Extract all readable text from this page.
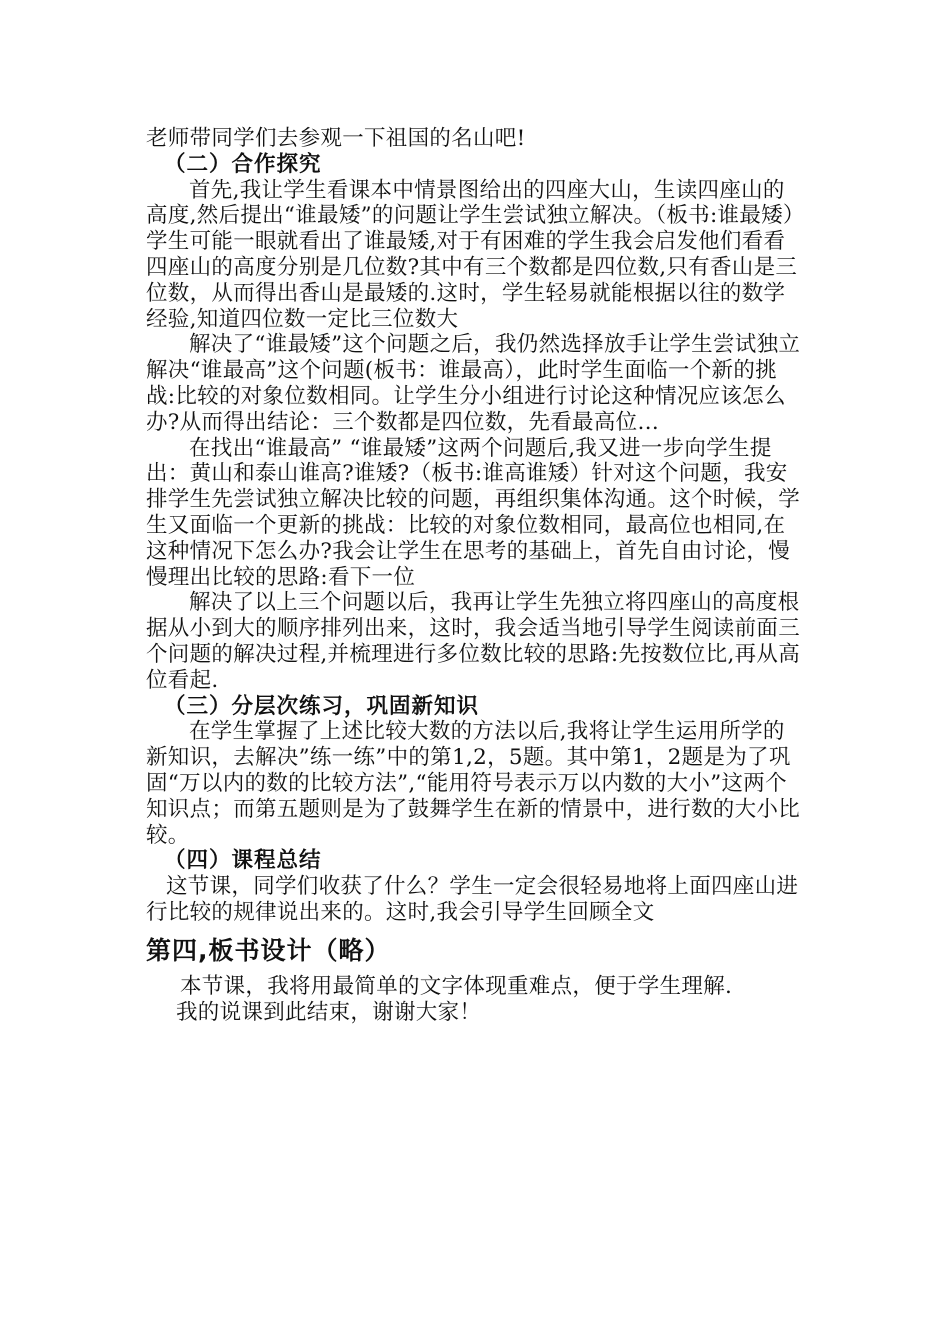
老师带同学们去参观一下祖国的名山吧!

（二）合作探究

首先,我让学生看课本中情景图给出的四座大山，生读四座山的高度,然后提出“谁最矮”的问题让学生尝试独立解决。（板书:谁最矮）学生可能一眼就看出了谁最矮,对于有困难的学生我会启发他们看看四座山的高度分别是几位数?其中有三个数都是四位数,只有香山是三位数，从而得出香山是最矮的.这时，学生轻易就能根据以往的数学经验,知道四位数一定比三位数大

解决了“谁最矮”这个问题之后，我仍然选择放手让学生尝试独立解决“谁最高”这个问题(板书：谁最高），此时学生面临一个新的挑战:比较的对象位数相同。让学生分小组进行讨论这种情况应该怎么办?从而得出结论：三个数都是四位数，先看最高位…

在找出“谁最高” “谁最矮”这两个问题后,我又进一步向学生提出：黄山和泰山谁高?谁矮?（板书:谁高谁矮）针对这个问题，我安排学生先尝试独立解决比较的问题，再组织集体沟通。这个时候，学生又面临一个更新的挑战：比较的对象位数相同，最高位也相同,在这种情况下怎么办?我会让学生在思考的基础上，首先自由讨论，慢慢理出比较的思路:看下一位

解决了以上三个问题以后，我再让学生先独立将四座山的高度根据从小到大的顺序排列出来，这时，我会适当地引导学生阅读前面三个问题的解决过程,并梳理进行多位数比较的思路:先按数位比,再从高位看起.

（三）分层次练习，巩固新知识

在学生掌握了上述比较大数的方法以后,我将让学生运用所学的新知识，去解决”练一练”中的第1,2，5题。其中第1，2题是为了巩固“万以内的数的比较方法”,“能用符号表示万以内数的大小”这两个知识点；而第五题则是为了鼓舞学生在新的情景中，进行数的大小比较。

（四）课程总结

这节课，同学们收获了什么？学生一定会很轻易地将上面四座山进行比较的规律说出来的。这时,我会引导学生回顾全文

第四,板书设计（略）

本节课，我将用最简单的文字体现重难点，便于学生理解.

我的说课到此结束，谢谢大家！
